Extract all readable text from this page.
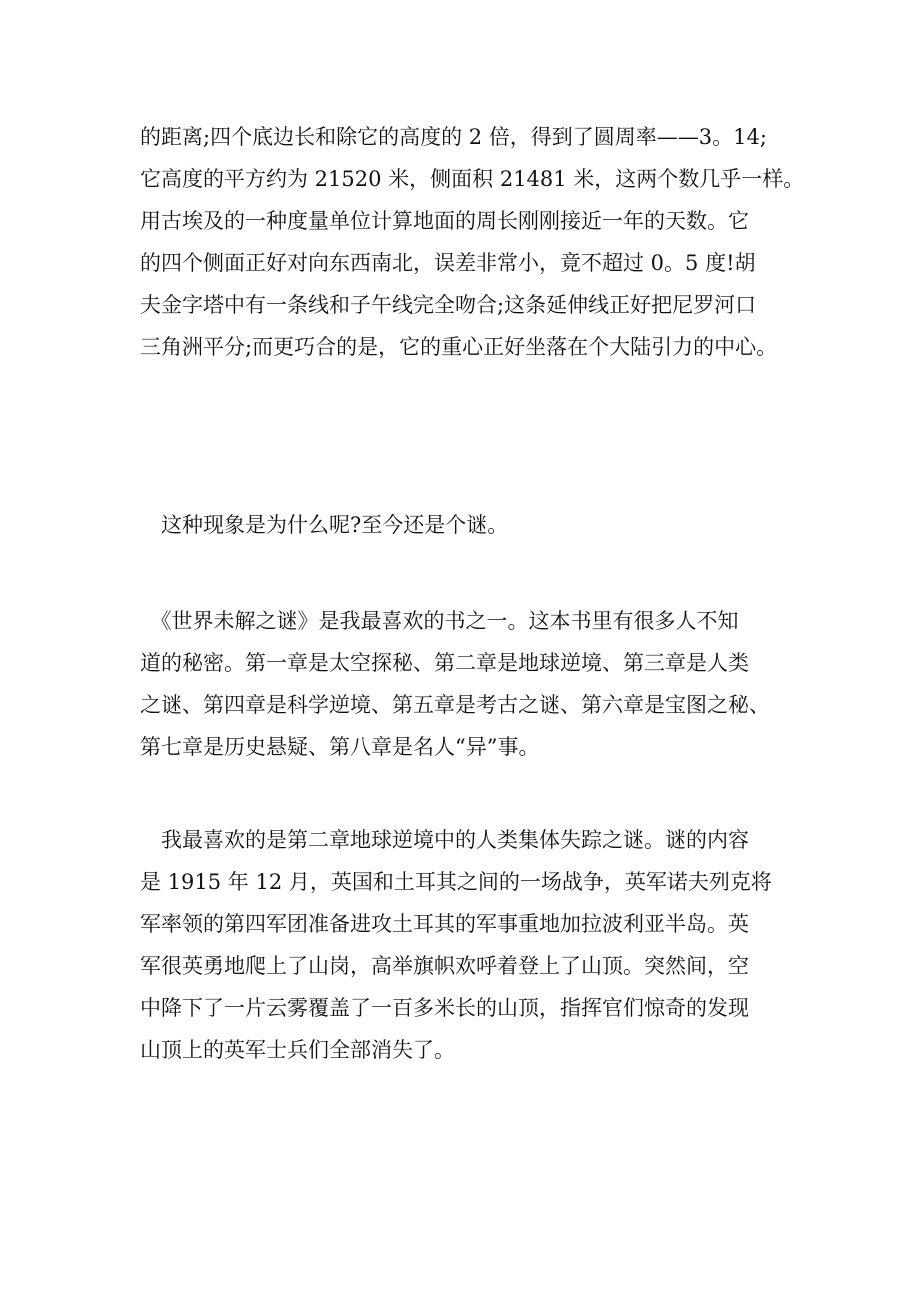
的距离;四个底边长和除它的高度的 2 倍，得到了圆周率——3。14;
它高度的平方约为 21520 米，侧面积 21481 米，这两个数几乎一样。
用古埃及的一种度量单位计算地面的周长刚刚接近一年的天数。它
的四个侧面正好对向东西南北，误差非常小，竟不超过 0。5 度!胡
夫金字塔中有一条线和子午线完全吻合;这条延伸线正好把尼罗河口
三角洲平分;而更巧合的是，它的重心正好坐落在个大陆引力的中心。
　这种现象是为什么呢?至今还是个谜。
　《世界未解之谜》是我最喜欢的书之一。这本书里有很多人不知
道的秘密。第一章是太空探秘、第二章是地球逆境、第三章是人类
之谜、第四章是科学逆境、第五章是考古之谜、第六章是宝图之秘、
第七章是历史悬疑、第八章是名人“异”事。
　我最喜欢的是第二章地球逆境中的人类集体失踪之谜。谜的内容
是 1915 年 12 月，英国和土耳其之间的一场战争，英军诺夫列克将
军率领的第四军团准备进攻土耳其的军事重地加拉波利亚半岛。英
军很英勇地爬上了山岗，高举旗帜欢呼着登上了山顶。突然间，空
中降下了一片云雾覆盖了一百多米长的山顶，指挥官们惊奇的发现
山顶上的英军士兵们全部消失了。
